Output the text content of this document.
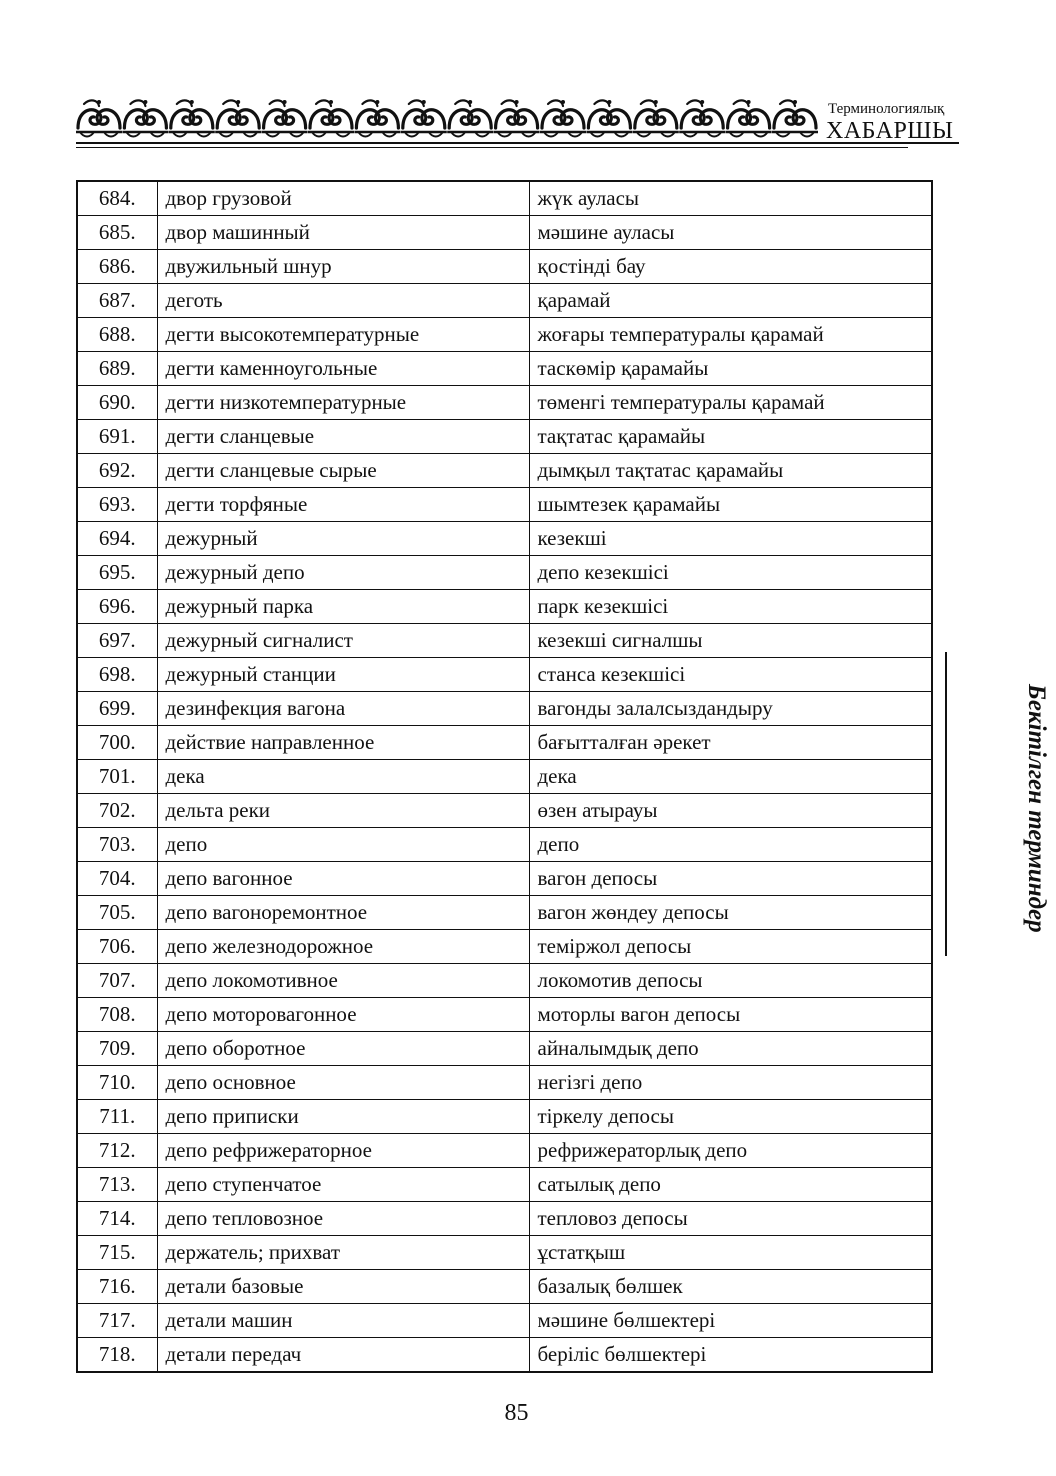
Терминологиялық
ХАБАРШЫ
684.	двор грузовой	жүк ауласы
685.	двор машинный	мәшине ауласы
686.	двужильный шнур	қостінді бау
687.	деготь	қарамай
688.	дегти высокотемпературные	жоғары температуралы қарамай
689.	дегти каменноугольные	таскөмір қарамайы
690.	дегти низкотемпературные	төменгі температуралы қарамай
691.	дегти сланцевые	тақтатас қарамайы
692.	дегти сланцевые сырые	дымқыл тақтатас қарамайы
693.	дегти торфяные	шымтезек қарамайы
694.	дежурный	кезекші
695.	дежурный депо	депо кезекшісі
696.	дежурный парка	парк кезекшісі
697.	дежурный сигналист	кезекші сигналшы
698.	дежурный станции	станса кезекшісі
699.	дезинфекция вагона	вагонды залалсыздандыру
700.	действие направленное	бағытталған әрекет
701.	дека	дека
702.	дельта реки	өзен атырауы
703.	депо	депо
704.	депо вагонное	вагон депосы
705.	депо вагоноремонтное	вагон жөндеу депосы
706.	депо железнодорожное	теміржол депосы
707.	депо локомотивное	локомотив депосы
708.	депо моторовагонное	моторлы вагон депосы
709.	депо оборотное	айналымдық депо
710.	депо основное	негізгі депо
711.	депо приписки	тіркелу депосы
712.	депо рефрижераторное	рефрижераторлық депо
713.	депо ступенчатое	сатылық депо
714.	депо тепловозное	тепловоз депосы
715.	держатель; прихват	ұстатқыш
716.	детали базовые	базалық бөлшек
717.	детали машин	мәшине бөлшектері
718.	детали передач	беріліс бөлшектері
Бекітілген терминдер
85
